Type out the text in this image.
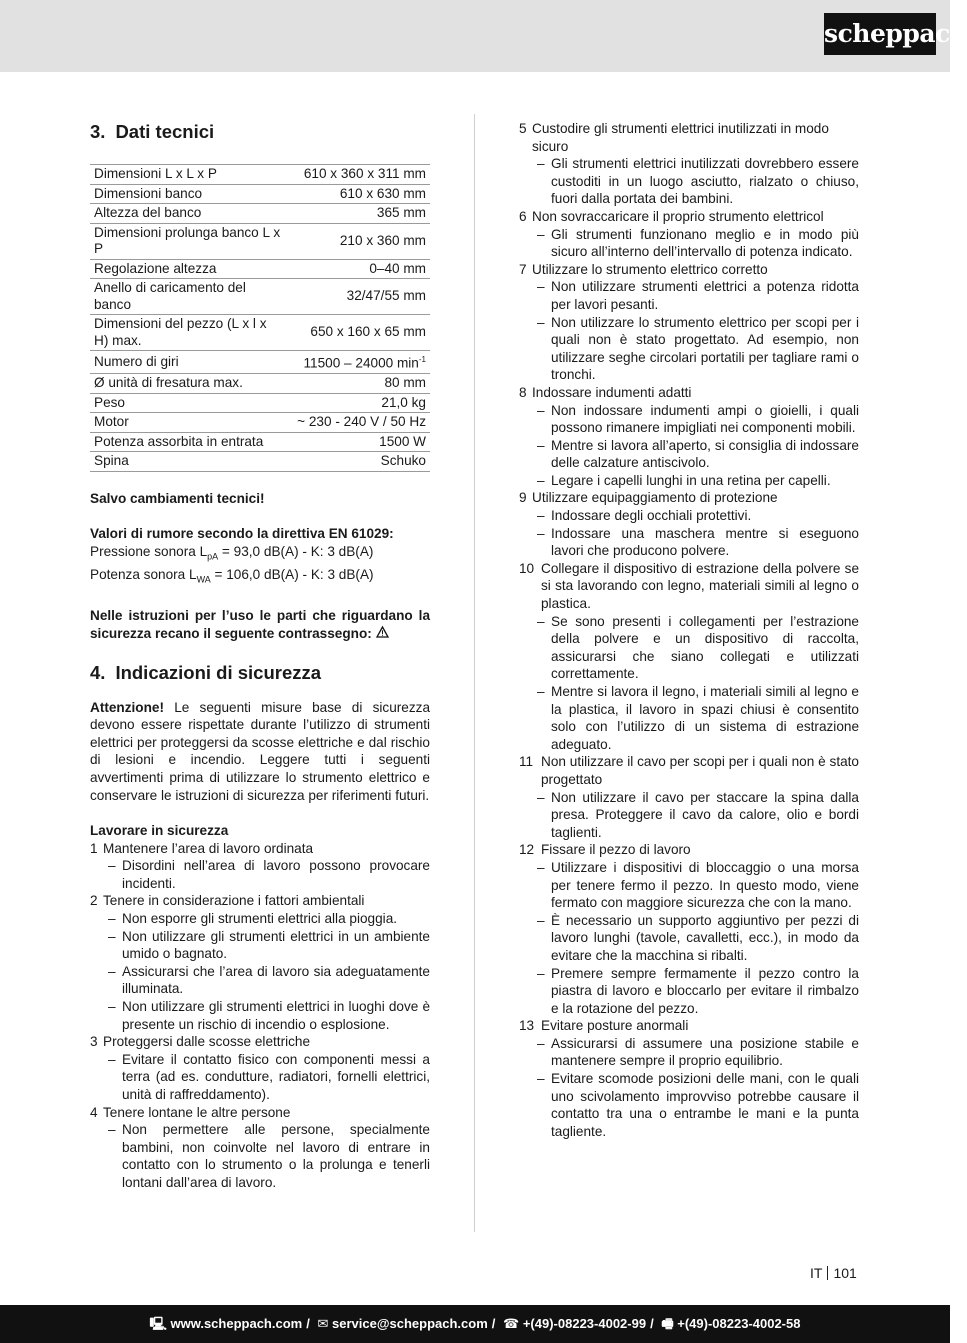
scheppach
3. Dati tecnici
Dimensioni L x L x P	610 x 360 x 311 mm
Dimensioni banco	610 x 630 mm
Altezza del banco	365 mm
Dimensioni prolunga banco L x P	210 x 360 mm
Regolazione altezza	0–40 mm
Anello di caricamento del banco	32/47/55 mm
Dimensioni del pezzo (L x l x H) max.	650 x 160 x 65 mm
Numero di giri	11500 – 24000 $\min^{-1}$
Ø unità di fresatura max.	80 mm
Peso	21,0 kg
Motor	~ 230 - 240 V / 50 Hz
Potenza assorbita in entrata	1500 W
Spina	Schuko

Salvo cambiamenti tecnici!

Valori di rumore secondo la direttiva EN 61029:

Pressione sonora $L_{pA} = 93,0$ dB(A) - K: 3 dB(A)

Potenza sonora $L_{WA} = 106,0$ dB(A) - K: 3 dB(A)

Nelle istruzioni per l’uso le parti che riguardano la sicurezza recano il seguente contrassegno:

4. Indicazioni di sicurezza

Attenzione! Le seguenti misure base di sicurezza devono essere rispettate durante l’utilizzo di strumenti elettrici per proteggersi da scosse elettriche e dal rischio di lesioni e incendio. Leggere tutti i seguenti avvertimenti prima di utilizzare lo strumento elettrico e conservare le istruzioni di sicurezza per riferimenti futuri.

Lavorare in sicurezza

1 Mantenere l’area di lavoro ordinata
– Disordini nell’area di lavoro possono provocare incidenti.
2 Tenere in considerazione i fattori ambientali
– Non esporre gli strumenti elettrici alla pioggia.
– Non utilizzare gli strumenti elettrici in un ambiente umido o bagnato.
– Assicurarsi che l’area di lavoro sia adeguatamente illuminata.
– Non utilizzare gli strumenti elettrici in luoghi dove è presente un rischio di incendio o esplosione.
3 Proteggersi dalle scosse elettriche
– Evitare il contatto fisico con componenti messi a terra (ad es. condutture, radiatori, fornelli elettrici, unità di raffreddamento).
4 Tenere lontane le altre persone
– Non permettere alle persone, specialmente bambini, non coinvolte nel lavoro di entrare in contatto con lo strumento o la prolunga e tenerli lontani dall’area di lavoro.
5 Custodire gli strumenti elettrici inutilizzati in modo sicuro
– Gli strumenti elettrici inutilizzati dovrebbero essere custoditi in un luogo asciutto, rialzato o chiuso, fuori dalla portata dei bambini.
6 Non sovraccaricare il proprio strumento elettricol
– Gli strumenti funzionano meglio e in modo più sicuro all’interno dell’intervallo di potenza indicato.
7 Utilizzare lo strumento elettrico corretto
– Non utilizzare strumenti elettrici a potenza ridotta per lavori pesanti.
– Non utilizzare lo strumento elettrico per scopi per i quali non è stato progettato. Ad esempio, non utilizzare seghe circolari portatili per tagliare rami o tronchi.
8 Indossare indumenti adatti
– Non indossare indumenti ampi o gioielli, i quali possono rimanere impigliati nei componenti mobili.
– Mentre si lavora all’aperto, si consiglia di indossare delle calzature antiscivolo.
– Legare i capelli lunghi in una retina per capelli.
9 Utilizzare equipaggiamento di protezione
– Indossare degli occhiali protettivi.
– Indossare una maschera mentre si eseguono lavori che producono polvere.
10 Collegare il dispositivo di estrazione della polvere se si sta lavorando con legno, materiali simili al legno o plastica.
– Se sono presenti i collegamenti per l’estrazione della polvere e un dispositivo di raccolta, assicurarsi che siano collegati e utilizzati correttamente.
– Mentre si lavora il legno, i materiali simili al legno e la plastica, il lavoro in spazi chiusi è consentito solo con l’utilizzo di un sistema di estrazione adeguato.
11 Non utilizzare il cavo per scopi per i quali non è stato progettato
– Non utilizzare il cavo per staccare la spina dalla presa. Proteggere il cavo da calore, olio e bordi taglienti.
12 Fissare il pezzo di lavoro
– Utilizzare i dispositivi di bloccaggio o una morsa per tenere fermo il pezzo. In questo modo, viene fermato con maggiore sicurezza che con la mano.
– È necessario un supporto aggiuntivo per pezzi di lavoro lunghi (tavole, cavalletti, ecc.), in modo da evitare che la macchina si ribalti.
– Premere sempre fermamente il pezzo contro la piastra di lavoro e bloccarlo per evitare il rimbalzo e la rotazione del pezzo.
13 Evitare posture anormali
– Assicurarsi di assumere una posizione stabile e mantenere sempre il proprio equilibrio.
– Evitare scomode posizioni delle mani, con le quali uno scivolamento improvviso potrebbe causare il contatto tra una o entrambe le mani e la punta tagliente.
IT 101
🖳 www.scheppach.com / ✉ service@scheppach.com / ☎ +(49)-08223-4002-99 / 🖷 +(49)-08223-4002-58
